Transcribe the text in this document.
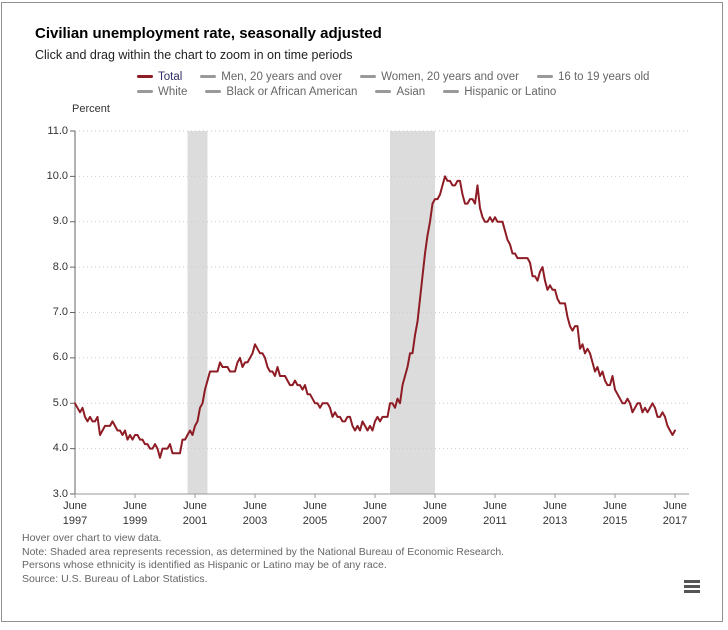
Civilian unemployment rate, seasonally adjusted
Click and drag within the chart to zoom in on time periods
Total	Men, 20 years and over	Women, 20 years and over	16 to 19 years old
White	Black or African American	Asian	Hispanic or Latino
Percent
3.0
4.0
5.0
6.0
7.0
8.0
9.0
10.0
11.0
June
1997
June
1999
June
2001
June
2003
June
2005
June
2007
June
2009
June
2011
June
2013
June
2015
June
2017
Hover over chart to view data.
Note: Shaded area represents recession, as determined by the National Bureau of Economic Research.
Persons whose ethnicity is identified as Hispanic or Latino may be of any race.
Source: U.S. Bureau of Labor Statistics.
